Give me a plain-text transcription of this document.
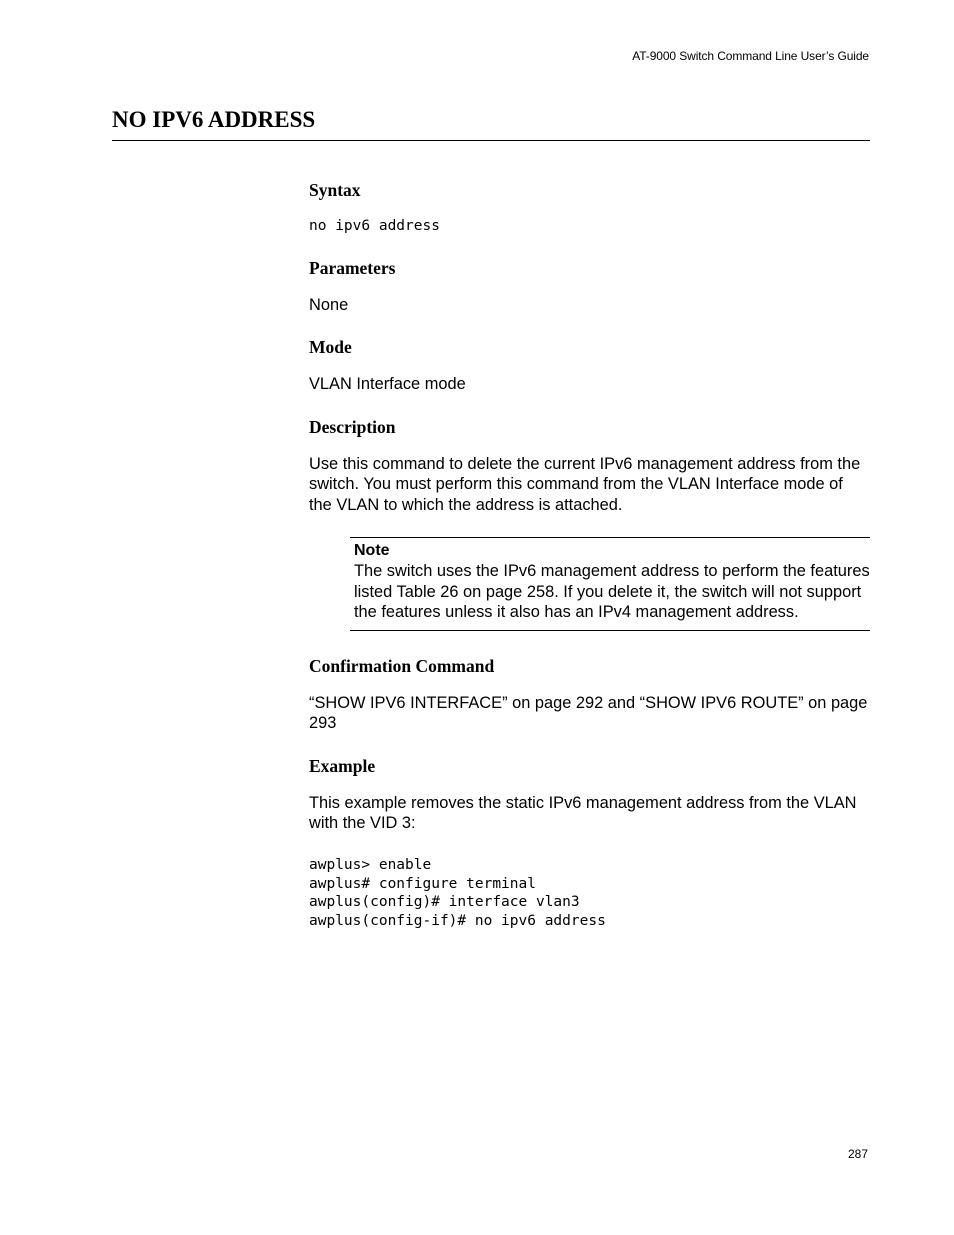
AT-9000 Switch Command Line User’s Guide
NO IPV6 ADDRESS
Syntax
no ipv6 address
Parameters

None

Mode

VLAN Interface mode

Description

Use this command to delete the current IPv6 management address from the switch. You must perform this command from the VLAN Interface mode of the VLAN to which the address is attached.

Note
The switch uses the IPv6 management address to perform the features listed Table 26 on page 258. If you delete it, the switch will not support the features unless it also has an IPv4 management address.
Confirmation Command

“SHOW IPV6 INTERFACE” on page 292 and “SHOW IPV6 ROUTE” on page 293

Example

This example removes the static IPv6 management address from the VLAN with the VID 3:

awplus> enable
awplus# configure terminal
awplus(config)# interface vlan3
awplus(config-if)# no ipv6 address
287
